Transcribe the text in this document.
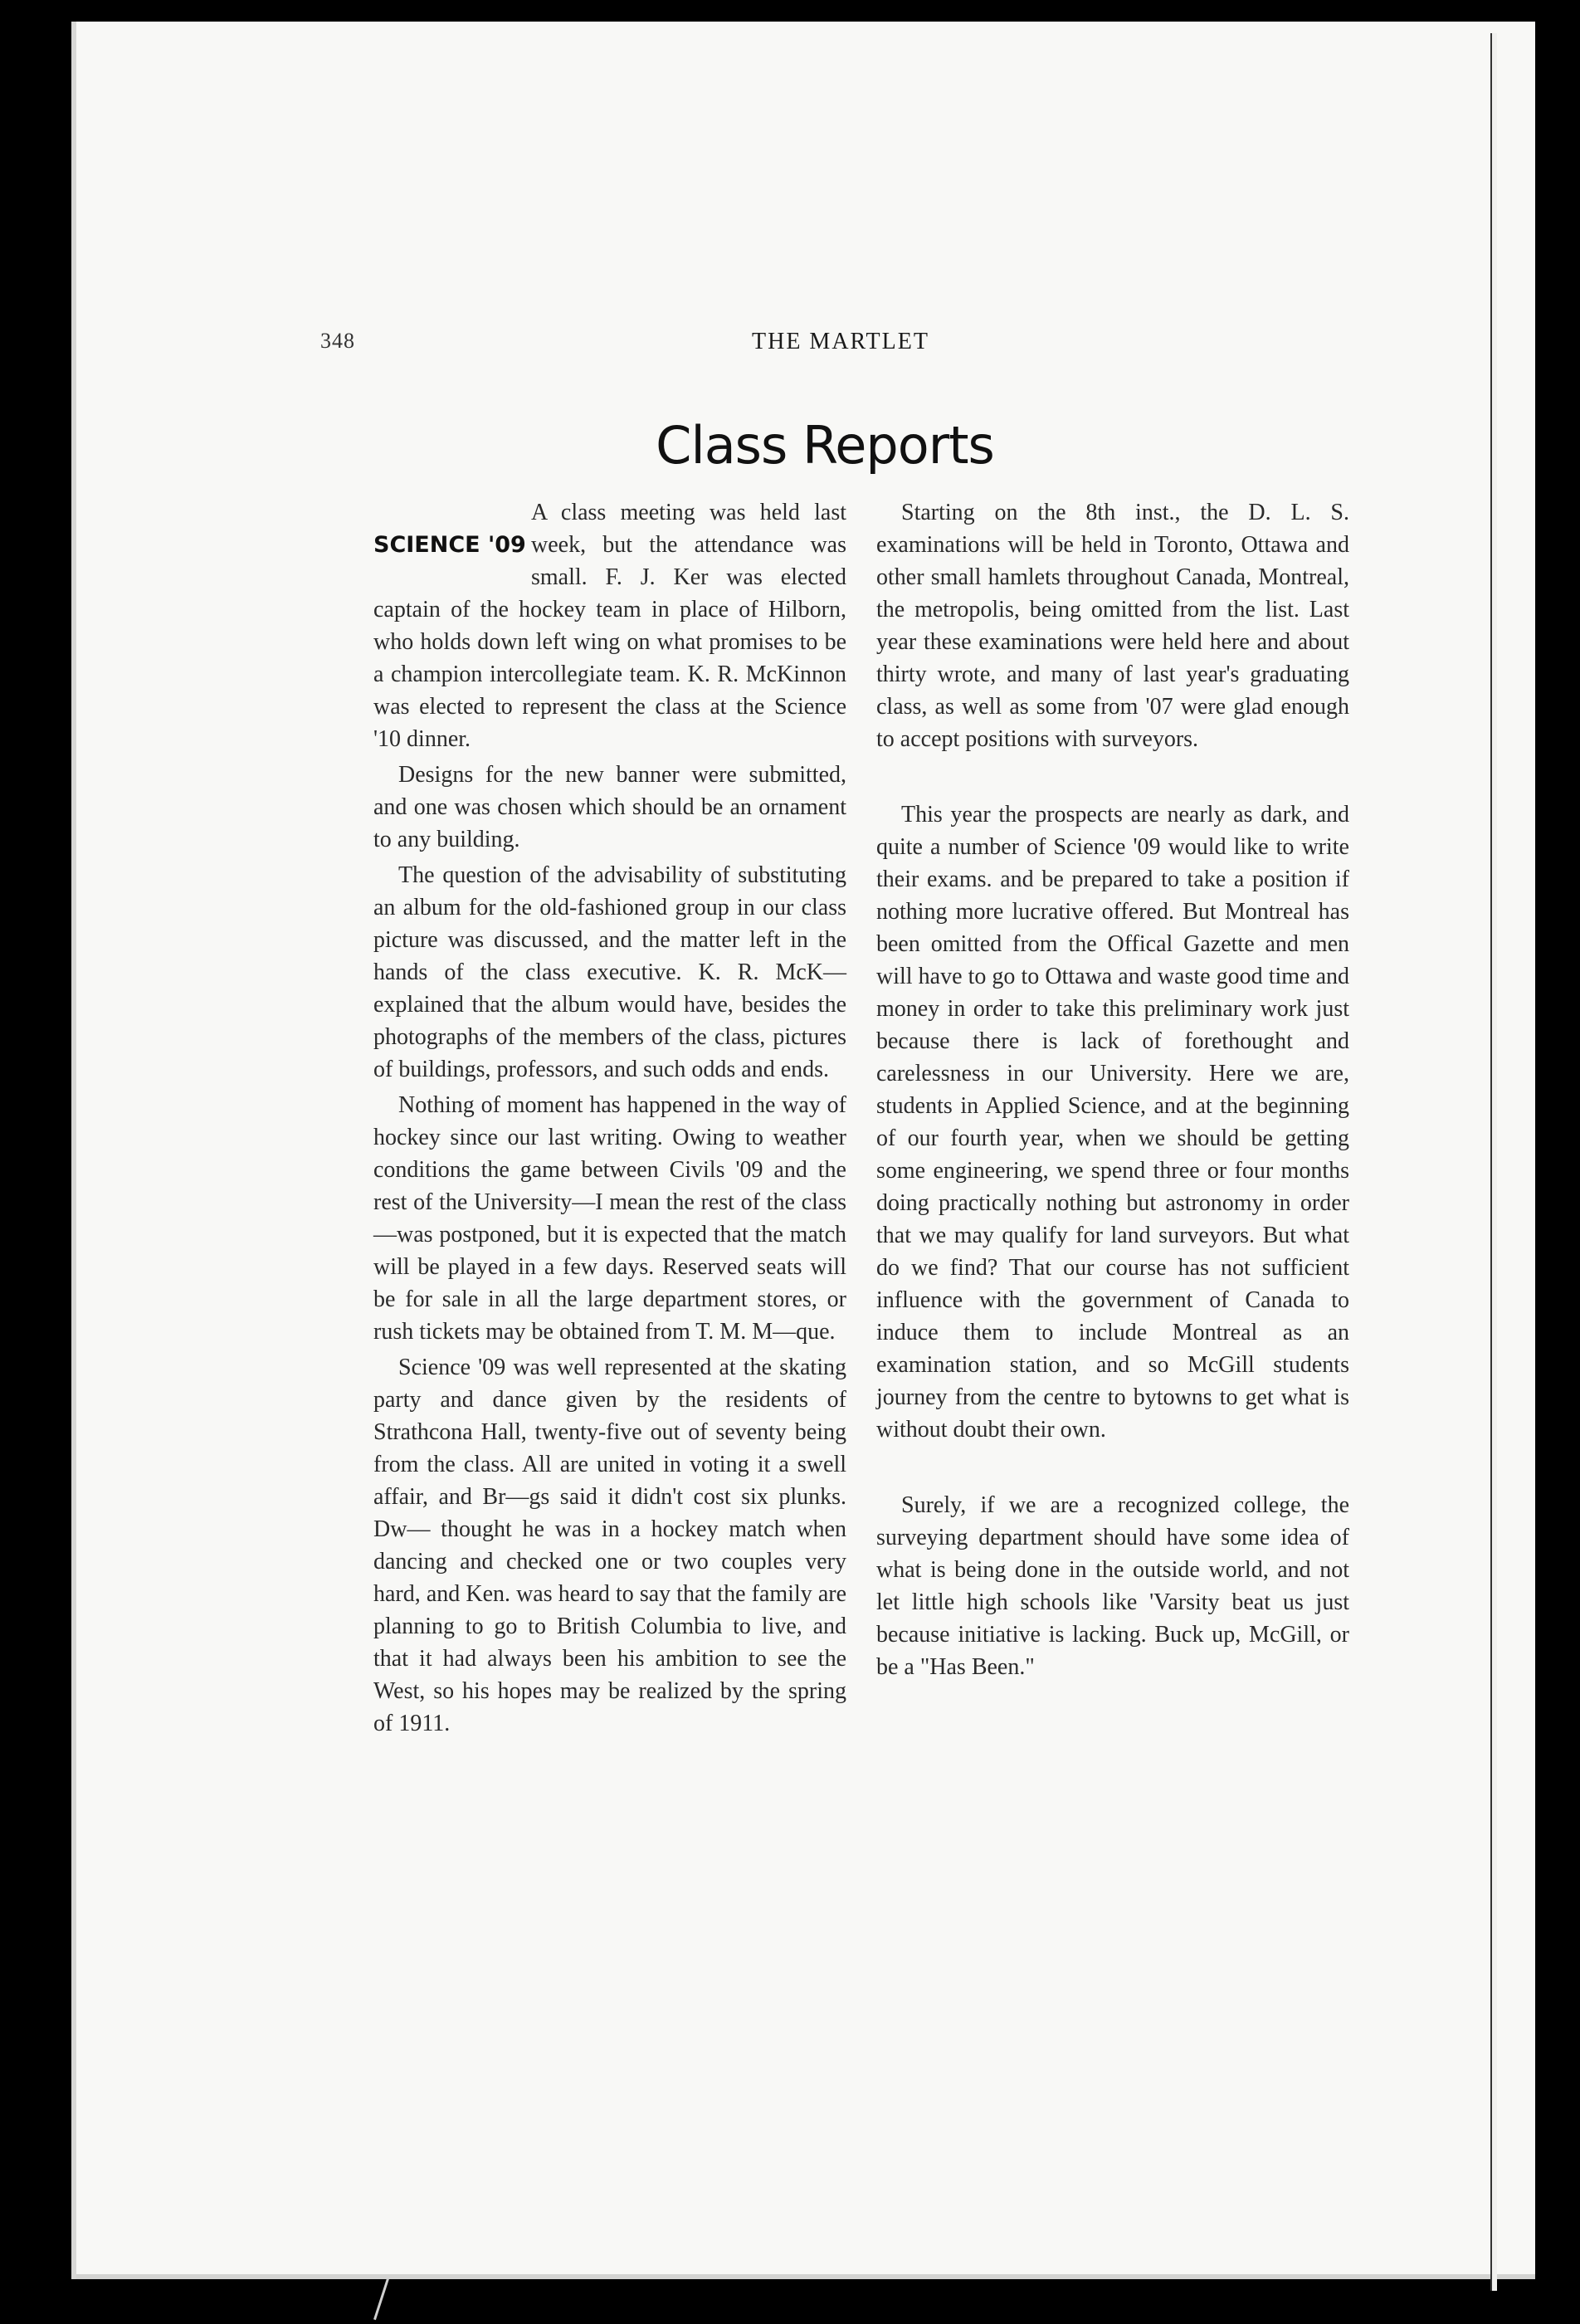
348	THE MARTLET
Class Reports
SCIENCE '09

A class meeting was held last week, but the attendance was small. F. J. Ker was elected captain of the hockey team in place of Hilborn, who holds down left wing on what promises to be a champion intercollegiate team. K. R. McKinnon was elected to represent the class at the Science '10 dinner.

Designs for the new banner were submitted, and one was chosen which should be an ornament to any building.

The question of the advisability of substituting an album for the old-fashioned group in our class picture was discussed, and the matter left in the hands of the class executive. K. R. McK— explained that the album would have, besides the photographs of the members of the class, pictures of buildings, professors, and such odds and ends.

Nothing of moment has happened in the way of hockey since our last writing. Owing to weather conditions the game between Civils '09 and the rest of the University—I mean the rest of the class—was postponed, but it is expected that the match will be played in a few days. Reserved seats will be for sale in all the large department stores, or rush tickets may be obtained from T. M. M—que.

Science '09 was well represented at the skating party and dance given by the residents of Strathcona Hall, twenty-five out of seventy being from the class. All are united in voting it a swell affair, and Br—gs said it didn't cost six plunks. Dw— thought he was in a hockey match when dancing and checked one or two couples very hard, and Ken. was heard to say that the family are planning to go to British Columbia to live, and that it had always been his ambition to see the West, so his hopes may be realized by the spring of 1911.

Starting on the 8th inst., the D. L. S. examinations will be held in Toronto, Ottawa and other small hamlets throughout Canada, Montreal, the metropolis, being omitted from the list. Last year these examinations were held here and about thirty wrote, and many of last year's graduating class, as well as some from '07 were glad enough to accept positions with surveyors.

This year the prospects are nearly as dark, and quite a number of Science '09 would like to write their exams. and be prepared to take a position if nothing more lucrative offered. But Montreal has been omitted from the Offical Gazette and men will have to go to Ottawa and waste good time and money in order to take this preliminary work just because there is lack of forethought and carelessness in our University. Here we are, students in Applied Science, and at the beginning of our fourth year, when we should be getting some engineering, we spend three or four months doing practically nothing but astronomy in order that we may qualify for land surveyors. But what do we find? That our course has not sufficient influence with the government of Canada to induce them to include Montreal as an examination station, and so McGill students journey from the centre to bytowns to get what is without doubt their own.

Surely, if we are a recognized college, the surveying department should have some idea of what is being done in the outside world, and not let little high schools like 'Varsity beat us just because initiative is lacking. Buck up, McGill, or be a "Has Been."
